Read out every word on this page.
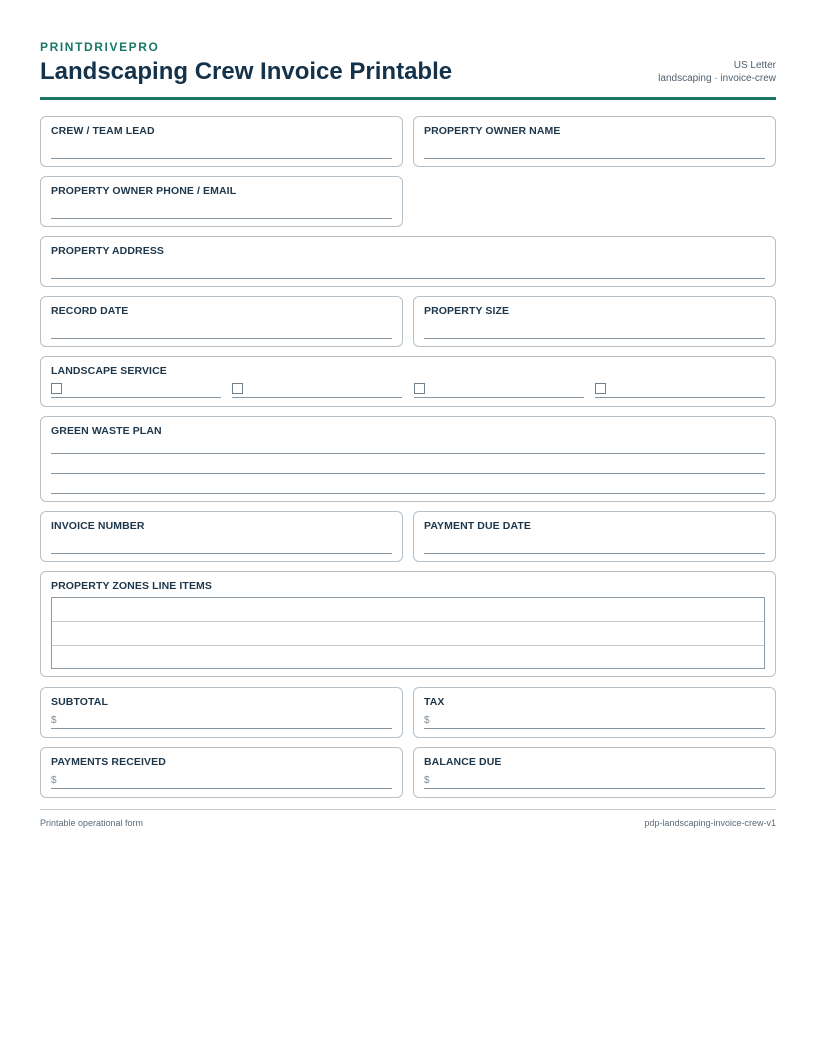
PRINTDRIVEPRO
Landscaping Crew Invoice Printable	US Letter
landscaping · invoice-crew
CREW / TEAM LEAD	PROPERTY OWNER NAME
PROPERTY OWNER PHONE / EMAIL
PROPERTY ADDRESS
RECORD DATE	PROPERTY SIZE
LANDSCAPE SERVICE
GREEN WASTE PLAN
INVOICE NUMBER	PAYMENT DUE DATE
PROPERTY ZONES LINE ITEMS
SUBTOTAL
$
TAX
$
PAYMENTS RECEIVED
$
BALANCE DUE
$
Printable operational form	pdp-landscaping-invoice-crew-v1
